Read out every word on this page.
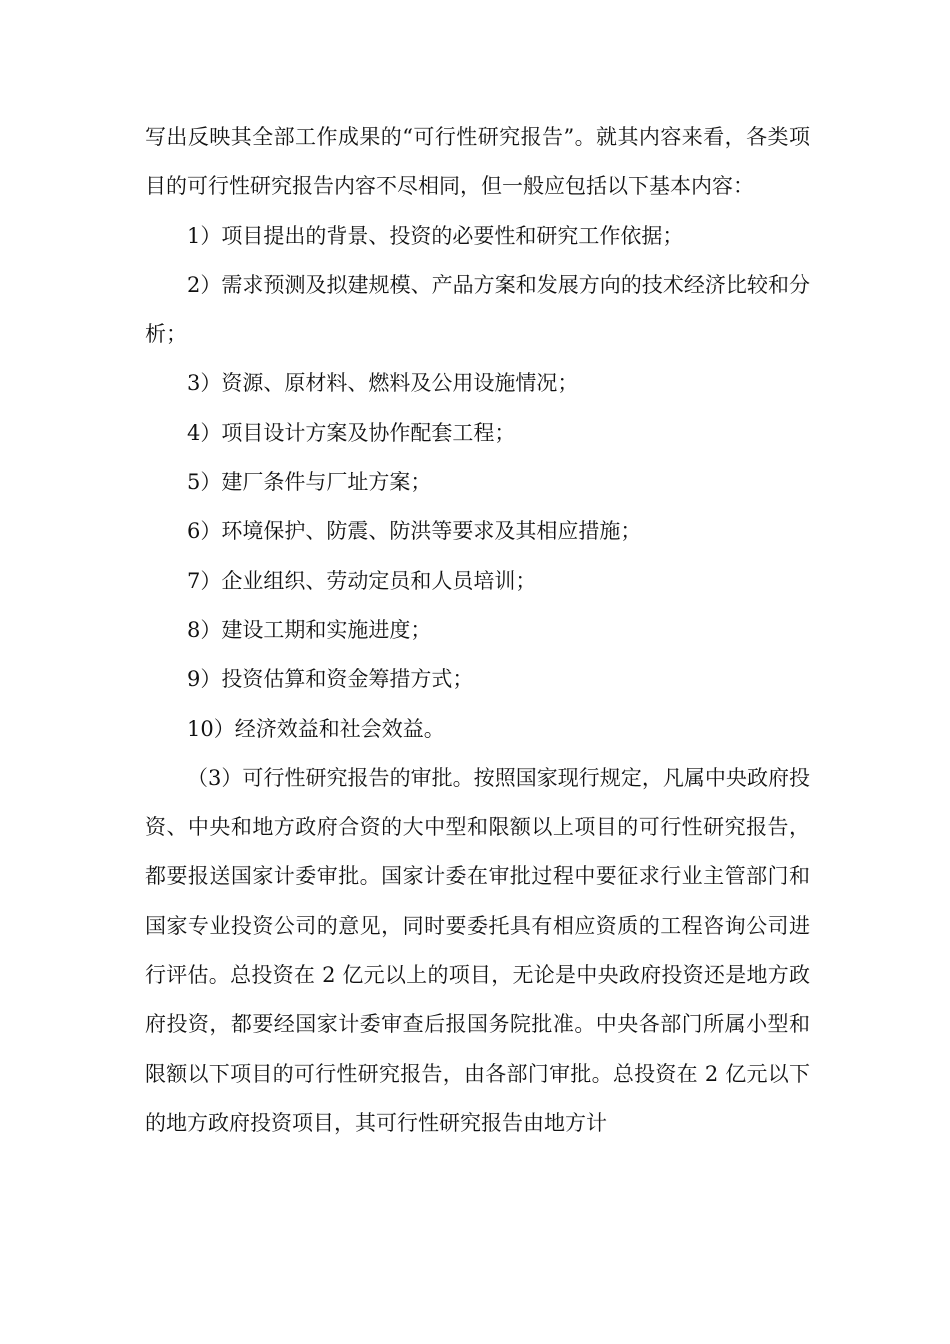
写出反映其全部工作成果的“可行性研究报告”。就其内容来看，各类项目的可行性研究报告内容不尽相同，但一般应包括以下基本内容：

1）项目提出的背景、投资的必要性和研究工作依据；

2）需求预测及拟建规模、产品方案和发展方向的技术经济比较和分析；

3）资源、原材料、燃料及公用设施情况；

4）项目设计方案及协作配套工程；

5）建厂条件与厂址方案；

6）环境保护、防震、防洪等要求及其相应措施；

7）企业组织、劳动定员和人员培训；

8）建设工期和实施进度；

9）投资估算和资金筹措方式；

10）经济效益和社会效益。

（3）可行性研究报告的审批。按照国家现行规定，凡属中央政府投资、中央和地方政府合资的大中型和限额以上项目的可行性研究报告，都要报送国家计委审批。国家计委在审批过程中要征求行业主管部门和国家专业投资公司的意见，同时要委托具有相应资质的工程咨询公司进行评估。总投资在 2 亿元以上的项目，无论是中央政府投资还是地方政府投资，都要经国家计委审查后报国务院批准。中央各部门所属小型和限额以下项目的可行性研究报告，由各部门审批。总投资在 2 亿元以下的地方政府投资项目，其可行性研究报告由地方计
